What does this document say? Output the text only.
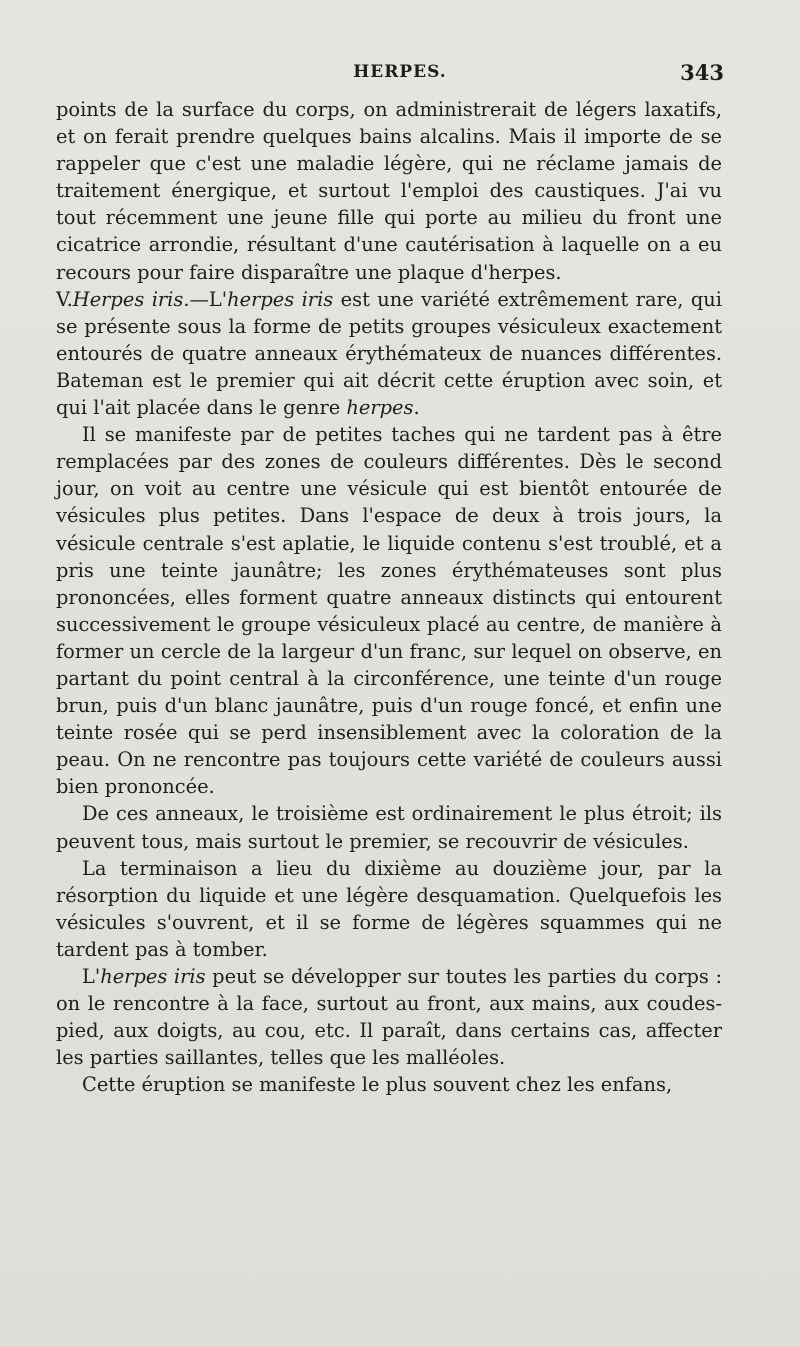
HERPES.	343

points de la surface du corps, on administrerait de légers laxatifs, et on ferait prendre quelques bains alcalins. Mais il importe de se rappeler que c'est une maladie légère, qui ne réclame jamais de traitement énergique, et surtout l'emploi des caustiques. J'ai vu tout récemment une jeune fille qui porte au milieu du front une cicatrice arrondie, résultant d'une cautérisation à laquelle on a eu recours pour faire disparaître une plaque d'herpes.

V.Herpes iris.—L'herpes iris est une variété extrêmement rare, qui se présente sous la forme de petits groupes vésiculeux exactement entourés de quatre anneaux érythémateux de nuances différentes. Bateman est le premier qui ait décrit cette éruption avec soin, et qui l'ait placée dans le genre herpes.

Il se manifeste par de petites taches qui ne tardent pas à être remplacées par des zones de couleurs différentes. Dès le second jour, on voit au centre une vésicule qui est bientôt entourée de vésicules plus petites. Dans l'espace de deux à trois jours, la vésicule centrale s'est aplatie, le liquide contenu s'est troublé, et a pris une teinte jaunâtre; les zones érythémateuses sont plus prononcées, elles forment quatre anneaux distincts qui entourent successivement le groupe vésiculeux placé au centre, de manière à former un cercle de la largeur d'un franc, sur lequel on observe, en partant du point central à la circonférence, une teinte d'un rouge brun, puis d'un blanc jaunâtre, puis d'un rouge foncé, et enfin une teinte rosée qui se perd insensiblement avec la coloration de la peau. On ne rencontre pas toujours cette variété de couleurs aussi bien prononcée.

De ces anneaux, le troisième est ordinairement le plus étroit; ils peuvent tous, mais surtout le premier, se recouvrir de vésicules.

La terminaison a lieu du dixième au douzième jour, par la résorption du liquide et une légère desquamation. Quelquefois les vésicules s'ouvrent, et il se forme de légères squammes qui ne tardent pas à tomber.

L'herpes iris peut se développer sur toutes les parties du corps : on le rencontre à la face, surtout au front, aux mains, aux coudes-pied, aux doigts, au cou, etc. Il paraît, dans certains cas, affecter les parties saillantes, telles que les malléoles.

Cette éruption se manifeste le plus souvent chez les enfans,
